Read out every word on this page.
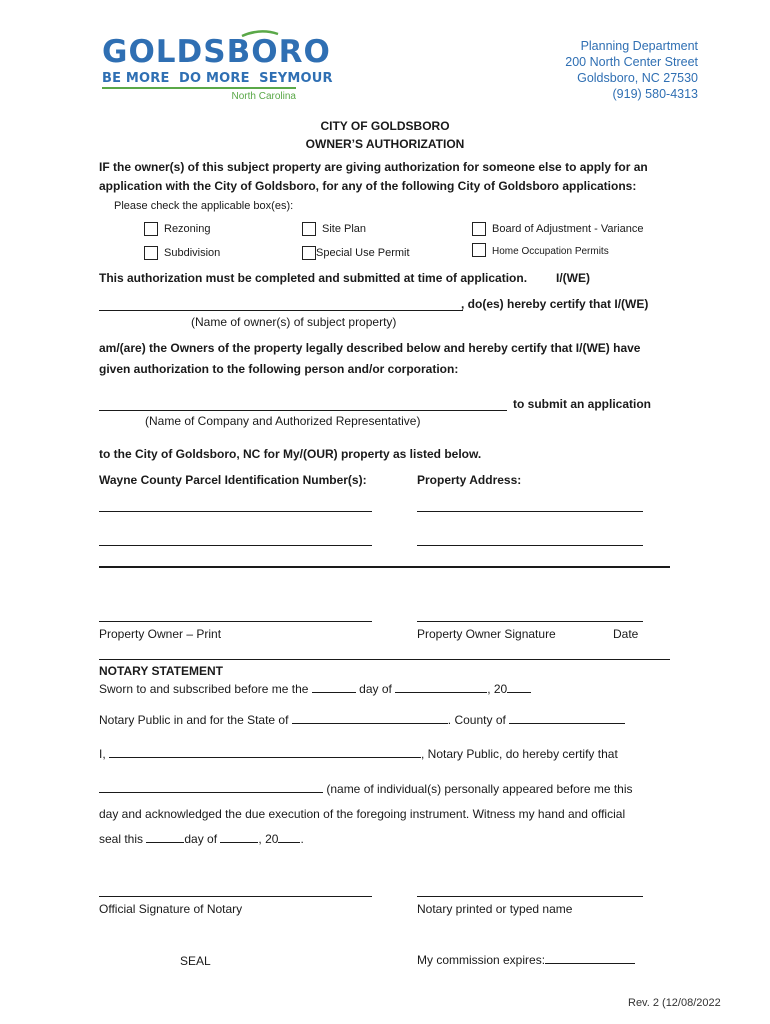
GOLDSBORO
BE MORE  DO MORE  SEYMOUR
North Carolina
Planning Department
200 North Center Street
Goldsboro, NC 27530
(919) 580-4313
CITY OF GOLDSBORO
OWNER’S AUTHORIZATION
IF the owner(s) of this subject property are giving authorization for someone else to apply for an
application with the City of Goldsboro, for any of the following City of Goldsboro applications:
Please check the applicable box(es):
Rezoning	Site Plan	Board of Adjustment - Variance
Subdivision	Special Use Permit	Home Occupation Permits
This authorization must be completed and submitted at time of application. I/(WE)
, do(es) hereby certify that I/(WE)
(Name of owner(s) of subject property)
am/(are) the Owners of the property legally described below and hereby certify that I/(WE) have
given authorization to the following person and/or corporation:
to submit an application
(Name of Company and Authorized Representative)
to the City of Goldsboro, NC for My/(OUR) property as listed below.
Wayne County Parcel Identification Number(s):	Property Address:
Property Owner – Print	Property Owner Signature	Date
NOTARY STATEMENT
Sworn to and subscribed before me the	day of	, 20
Notary Public in and for the State of	. County of
I,	, Notary Public, do hereby certify that
(name of individual(s) personally appeared before me this
day and acknowledged the due execution of the foregoing instrument. Witness my hand and official
seal this	day of	, 20 .
Official Signature of Notary	Notary printed or typed name
SEAL	My commission expires:
Rev. 2 (12/08/2022
